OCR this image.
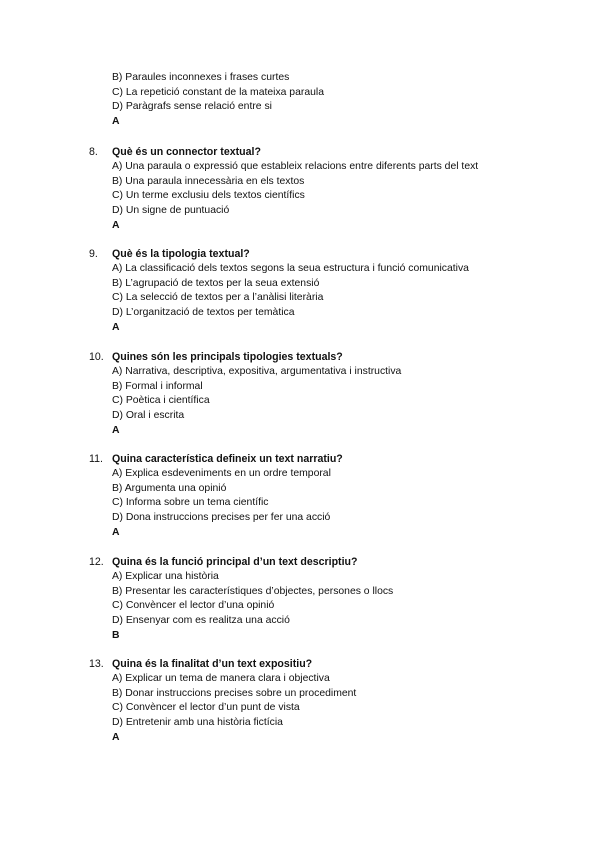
B) Paraules inconnexes i frases curtes
C) La repetició constant de la mateixa paraula
D) Paràgrafs sense relació entre si
A
8. Què és un connector textual?
A) Una paraula o expressió que estableix relacions entre diferents parts del text
B) Una paraula innecessària en els textos
C) Un terme exclusiu dels textos científics
D) Un signe de puntuació
A
9. Què és la tipologia textual?
A) La classificació dels textos segons la seua estructura i funció comunicativa
B) L’agrupació de textos per la seua extensió
C) La selecció de textos per a l’anàlisi literària
D) L’organització de textos per temàtica
A
10. Quines són les principals tipologies textuals?
A) Narrativa, descriptiva, expositiva, argumentativa i instructiva
B) Formal i informal
C) Poètica i científica
D) Oral i escrita
A
11. Quina característica defineix un text narratiu?
A) Explica esdeveniments en un ordre temporal
B) Argumenta una opinió
C) Informa sobre un tema científic
D) Dona instruccions precises per fer una acció
A
12. Quina és la funció principal d’un text descriptiu?
A) Explicar una història
B) Presentar les característiques d’objectes, persones o llocs
C) Convèncer el lector d’una opinió
D) Ensenyar com es realitza una acció
B
13. Quina és la finalitat d’un text expositiu?
A) Explicar un tema de manera clara i objectiva
B) Donar instruccions precises sobre un procediment
C) Convèncer el lector d’un punt de vista
D) Entretenir amb una història fictícia
A
